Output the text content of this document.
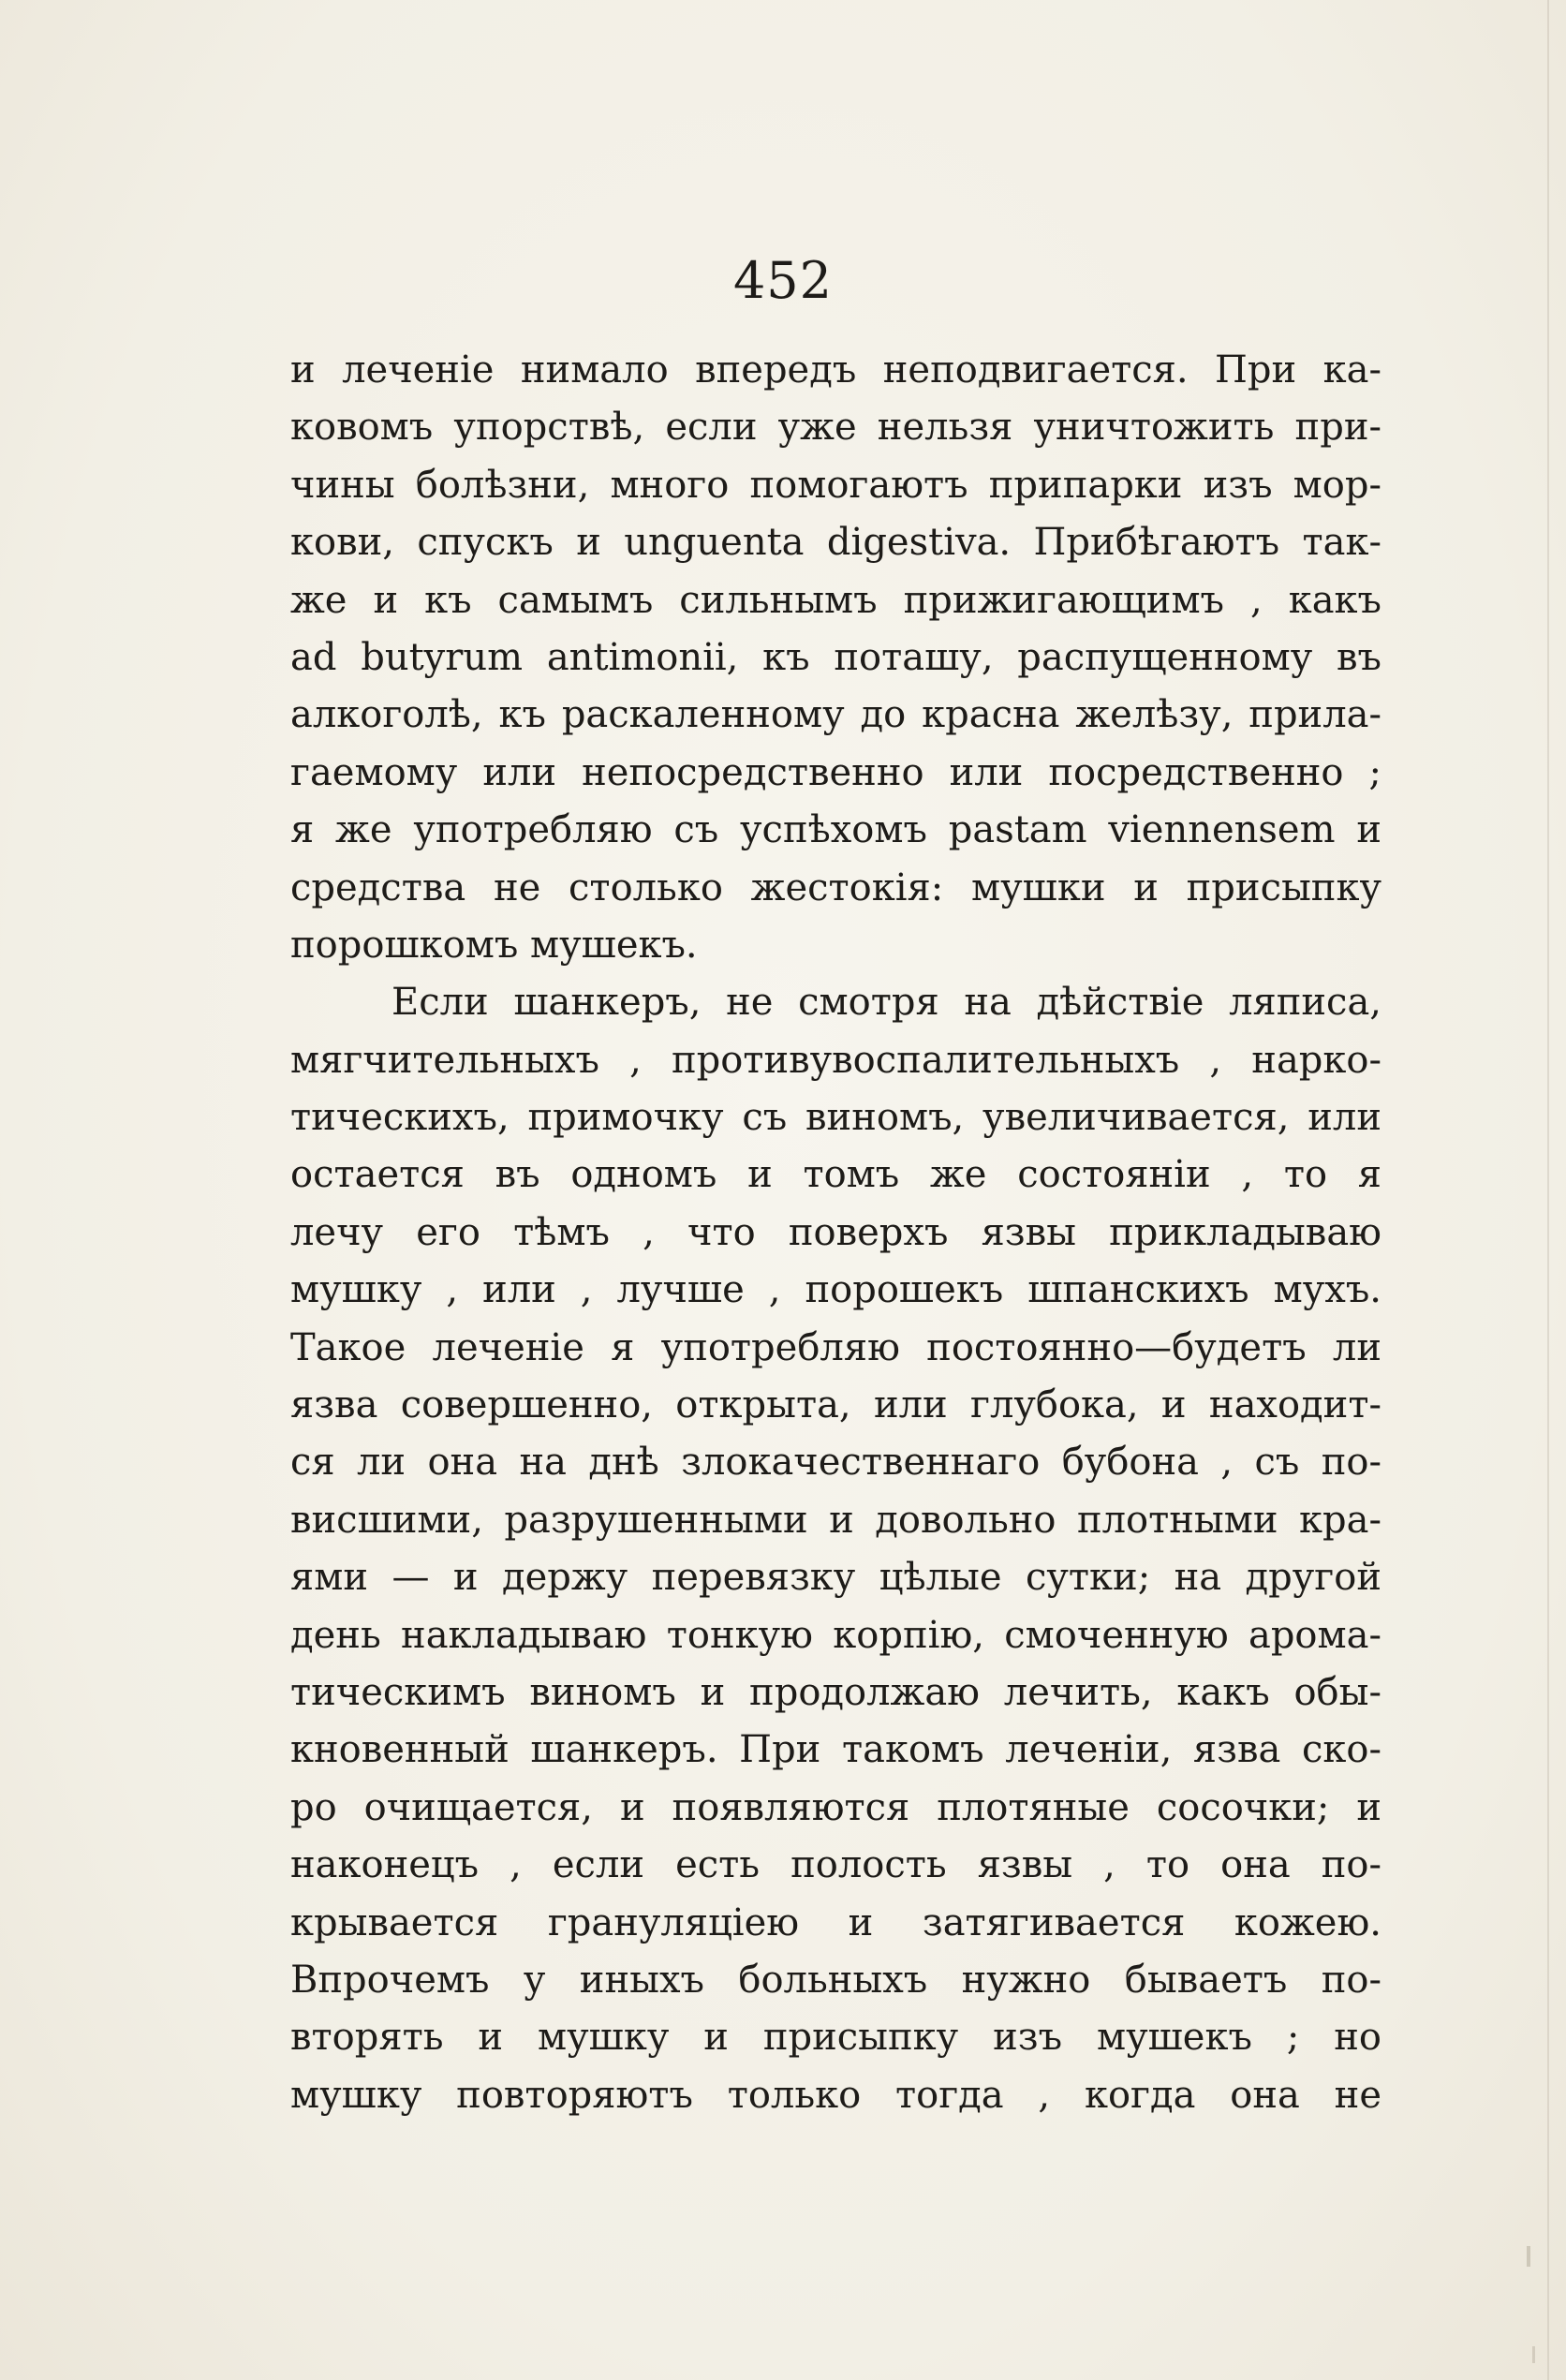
452
и леченіе нимало впередъ неподвигается. При ка-
ковомъ упорствѣ, если уже нельзя уничтожить при-
чины болѣзни, много помогаютъ припарки изъ мор-
кови, спускъ и unguenta digestiva. Прибѣгаютъ так-
же и къ самымъ сильнымъ прижигающимъ , какъ
ad butyrum antimonii, къ поташу, распущенному въ
алкоголѣ, къ раскаленному до красна желѣзу, прила-
гаемому или непосредственно или посредственно ;
я же употребляю съ успѣхомъ pastam viennensem и
средства не столько жестокія: мушки и присыпку
порошкомъ мушекъ.
Если шанкеръ, не смотря на дѣйствіе ляписа,
мягчительныхъ , противувоспалительныхъ , нарко-
тическихъ, примочку съ виномъ, увеличивается, или
остается въ одномъ и томъ же состояніи , то я
лечу его тѣмъ , что поверхъ язвы прикладываю
мушку , или , лучше , порошекъ шпанскихъ мухъ.
Такое леченіе я употребляю постоянно—будетъ ли
язва совершенно, открыта, или глубока, и находит-
ся ли она на днѣ злокачественнаго бубона , съ по-
висшими, разрушенными и довольно плотными кра-
ями — и держу перевязку цѣлые сутки; на другой
день накладываю тонкую корпію, смоченную арома-
тическимъ виномъ и продолжаю лечить, какъ обы-
кновенный шанкеръ. При такомъ леченіи, язва ско-
ро очищается, и появляются плотяные сосочки; и
наконецъ , если есть полость язвы , то она по-
крывается грануляціею и затягивается кожею.
Впрочемъ у иныхъ больныхъ нужно бываетъ по-
вторять и мушку и присыпку изъ мушекъ ; но
мушку повторяютъ только тогда , когда она не
